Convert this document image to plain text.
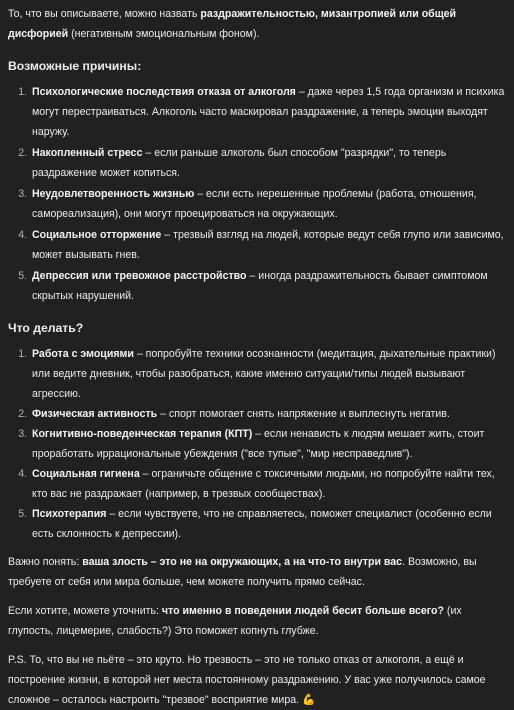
То, что вы описываете, можно назвать раздражительностью, мизантропией или общей дисфорией (негативным эмоциональным фоном).

Возможные причины:
1. Психологические последствия отказа от алкоголя – даже через 1,5 года организм и психика могут перестраиваться. Алкоголь часто маскировал раздражение, а теперь эмоции выходят наружу.
2. Накопленный стресс – если раньше алкоголь был способом "разрядки", то теперь раздражение может копиться.
3. Неудовлетворенность жизнью – если есть нерешенные проблемы (работа, отношения, самореализация), они могут проецироваться на окружающих.
4. Социальное отторжение – трезвый взгляд на людей, которые ведут себя глупо или зависимо, может вызывать гнев.
5. Депрессия или тревожное расстройство – иногда раздражительность бывает симптомом скрытых нарушений.
Что делать?
1. Работа с эмоциями – попробуйте техники осознанности (медитация, дыхательные практики) или ведите дневник, чтобы разобраться, какие именно ситуации/типы людей вызывают агрессию.
2. Физическая активность – спорт помогает снять напряжение и выплеснуть негатив.
3. Когнитивно-поведенческая терапия (КПТ) – если ненависть к людям мешает жить, стоит проработать иррациональные убеждения ("все тупые", "мир несправедлив").
4. Социальная гигиена – ограничьте общение с токсичными людьми, но попробуйте найти тех, кто вас не раздражает (например, в трезвых сообществах).
5. Психотерапия – если чувствуете, что не справляетесь, поможет специалист (особенно если есть склонность к депрессии).

Важно понять: ваша злость – это не на окружающих, а на что-то внутри вас. Возможно, вы требуете от себя или мира больше, чем можете получить прямо сейчас.

Если хотите, можете уточнить: что именно в поведении людей бесит больше всего? (их глупость, лицемерие, слабость?) Это поможет копнуть глубже.

P.S. То, что вы не пьёте – это круто. Но трезвость – это не только отказ от алкоголя, а ещё и построение жизни, в которой нет места постоянному раздражению. У вас уже получилось самое сложное – осталось настроить "трезвое" восприятие мира. 💪
